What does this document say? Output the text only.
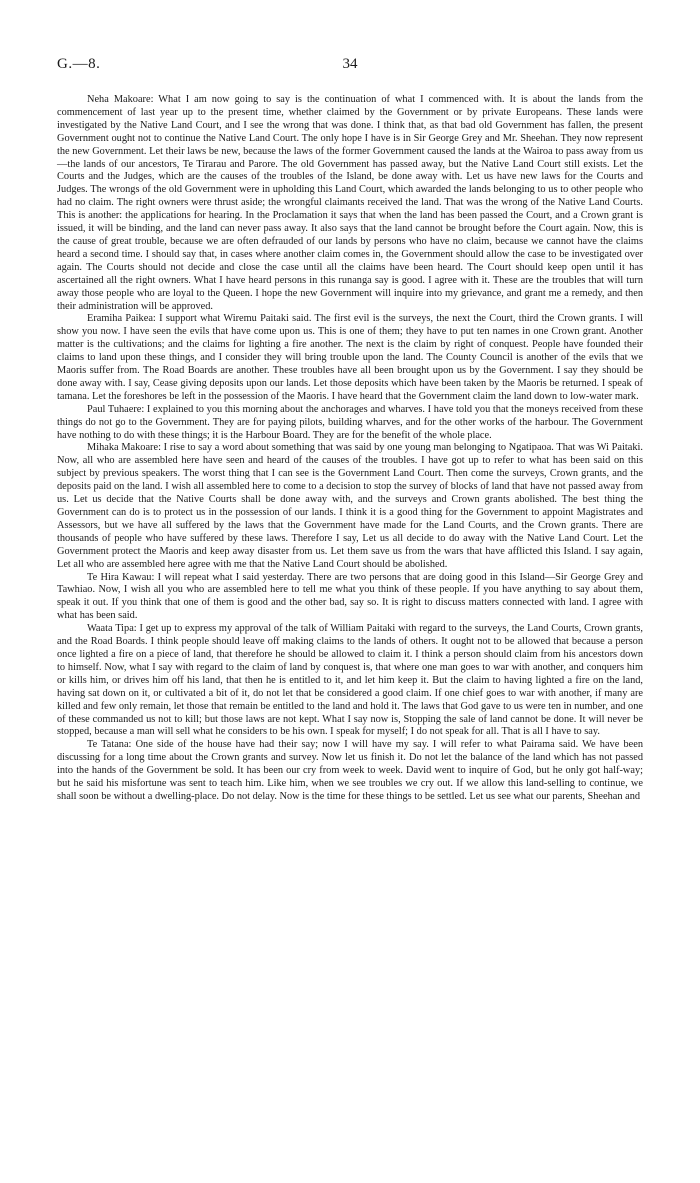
G.—8.	34

Neha Makoare: What I am now going to say is the continuation of what I commenced with. It is about the lands from the commencement of last year up to the present time, whether claimed by the Government or by private Europeans. These lands were investigated by the Native Land Court, and I see the wrong that was done. I think that, as that bad old Government has fallen, the present Government ought not to continue the Native Land Court. The only hope I have is in Sir George Grey and Mr. Sheehan. They now represent the new Government. Let their laws be new, because the laws of the former Government caused the lands at the Wairoa to pass away from us—the lands of our ancestors, Te Tirarau and Parore. The old Government has passed away, but the Native Land Court still exists. Let the Courts and the Judges, which are the causes of the troubles of the Island, be done away with. Let us have new laws for the Courts and Judges. The wrongs of the old Government were in upholding this Land Court, which awarded the lands belonging to us to other people who had no claim. The right owners were thrust aside; the wrongful claimants received the land. That was the wrong of the Native Land Courts. This is another: the applications for hearing. In the Proclamation it says that when the land has been passed the Court, and a Crown grant is issued, it will be binding, and the land can never pass away. It also says that the land cannot be brought before the Court again. Now, this is the cause of great trouble, because we are often defrauded of our lands by persons who have no claim, because we cannot have the claims heard a second time. I should say that, in cases where another claim comes in, the Government should allow the case to be investigated over again. The Courts should not decide and close the case until all the claims have been heard. The Court should keep open until it has ascertained all the right owners. What I have heard persons in this runanga say is good. I agree with it. These are the troubles that will turn away those people who are loyal to the Queen. I hope the new Government will inquire into my grievance, and grant me a remedy, and then their administration will be approved.

Eramiha Paikea: I support what Wiremu Paitaki said. The first evil is the surveys, the next the Court, third the Crown grants. I will show you now. I have seen the evils that have come upon us. This is one of them; they have to put ten names in one Crown grant. Another matter is the cultivations; and the claims for lighting a fire another. The next is the claim by right of conquest. People have founded their claims to land upon these things, and I consider they will bring trouble upon the land. The County Council is another of the evils that we Maoris suffer from. The Road Boards are another. These troubles have all been brought upon us by the Government. I say they should be done away with. I say, Cease giving deposits upon our lands. Let those deposits which have been taken by the Maoris be returned. I speak of tamana. Let the foreshores be left in the possession of the Maoris. I have heard that the Government claim the land down to low-water mark.

Paul Tuhaere: I explained to you this morning about the anchorages and wharves. I have told you that the moneys received from these things do not go to the Government. They are for paying pilots, building wharves, and for the other works of the harbour. The Government have nothing to do with these things; it is the Harbour Board. They are for the benefit of the whole place.

Mihaka Makoare: I rise to say a word about something that was said by one young man belonging to Ngatipaoa. That was Wi Paitaki. Now, all who are assembled here have seen and heard of the causes of the troubles. I have got up to refer to what has been said on this subject by previous speakers. The worst thing that I can see is the Government Land Court. Then come the surveys, Crown grants, and the deposits paid on the land. I wish all assembled here to come to a decision to stop the survey of blocks of land that have not passed away from us. Let us decide that the Native Courts shall be done away with, and the surveys and Crown grants abolished. The best thing the Government can do is to protect us in the possession of our lands. I think it is a good thing for the Government to appoint Magistrates and Assessors, but we have all suffered by the laws that the Government have made for the Land Courts, and the Crown grants. There are thousands of people who have suffered by these laws. Therefore I say, Let us all decide to do away with the Native Land Court. Let the Government protect the Maoris and keep away disaster from us. Let them save us from the wars that have afflicted this Island. I say again, Let all who are assembled here agree with me that the Native Land Court should be abolished.

Te Hira Kawau: I will repeat what I said yesterday. There are two persons that are doing good in this Island—Sir George Grey and Tawhiao. Now, I wish all you who are assembled here to tell me what you think of these people. If you have anything to say about them, speak it out. If you think that one of them is good and the other bad, say so. It is right to discuss matters connected with land. I agree with what has been said.

Waata Tipa: I get up to express my approval of the talk of William Paitaki with regard to the surveys, the Land Courts, Crown grants, and the Road Boards. I think people should leave off making claims to the lands of others. It ought not to be allowed that because a person once lighted a fire on a piece of land, that therefore he should be allowed to claim it. I think a person should claim from his ancestors down to himself. Now, what I say with regard to the claim of land by conquest is, that where one man goes to war with another, and conquers him or kills him, or drives him off his land, that then he is entitled to it, and let him keep it. But the claim to having lighted a fire on the land, having sat down on it, or cultivated a bit of it, do not let that be considered a good claim. If one chief goes to war with another, if many are killed and few only remain, let those that remain be entitled to the land and hold it. The laws that God gave to us were ten in number, and one of these commanded us not to kill; but those laws are not kept. What I say now is, Stopping the sale of land cannot be done. It will never be stopped, because a man will sell what he considers to be his own. I speak for myself; I do not speak for all. That is all I have to say.

Te Tatana: One side of the house have had their say; now I will have my say. I will refer to what Pairama said. We have been discussing for a long time about the Crown grants and survey. Now let us finish it. Do not let the balance of the land which has not passed into the hands of the Government be sold. It has been our cry from week to week. David went to inquire of God, but he only got half-way; but he said his misfortune was sent to teach him. Like him, when we see troubles we cry out. If we allow this land-selling to continue, we shall soon be without a dwelling-place. Do not delay. Now is the time for these things to be settled. Let us see what our parents, Sheehan and
